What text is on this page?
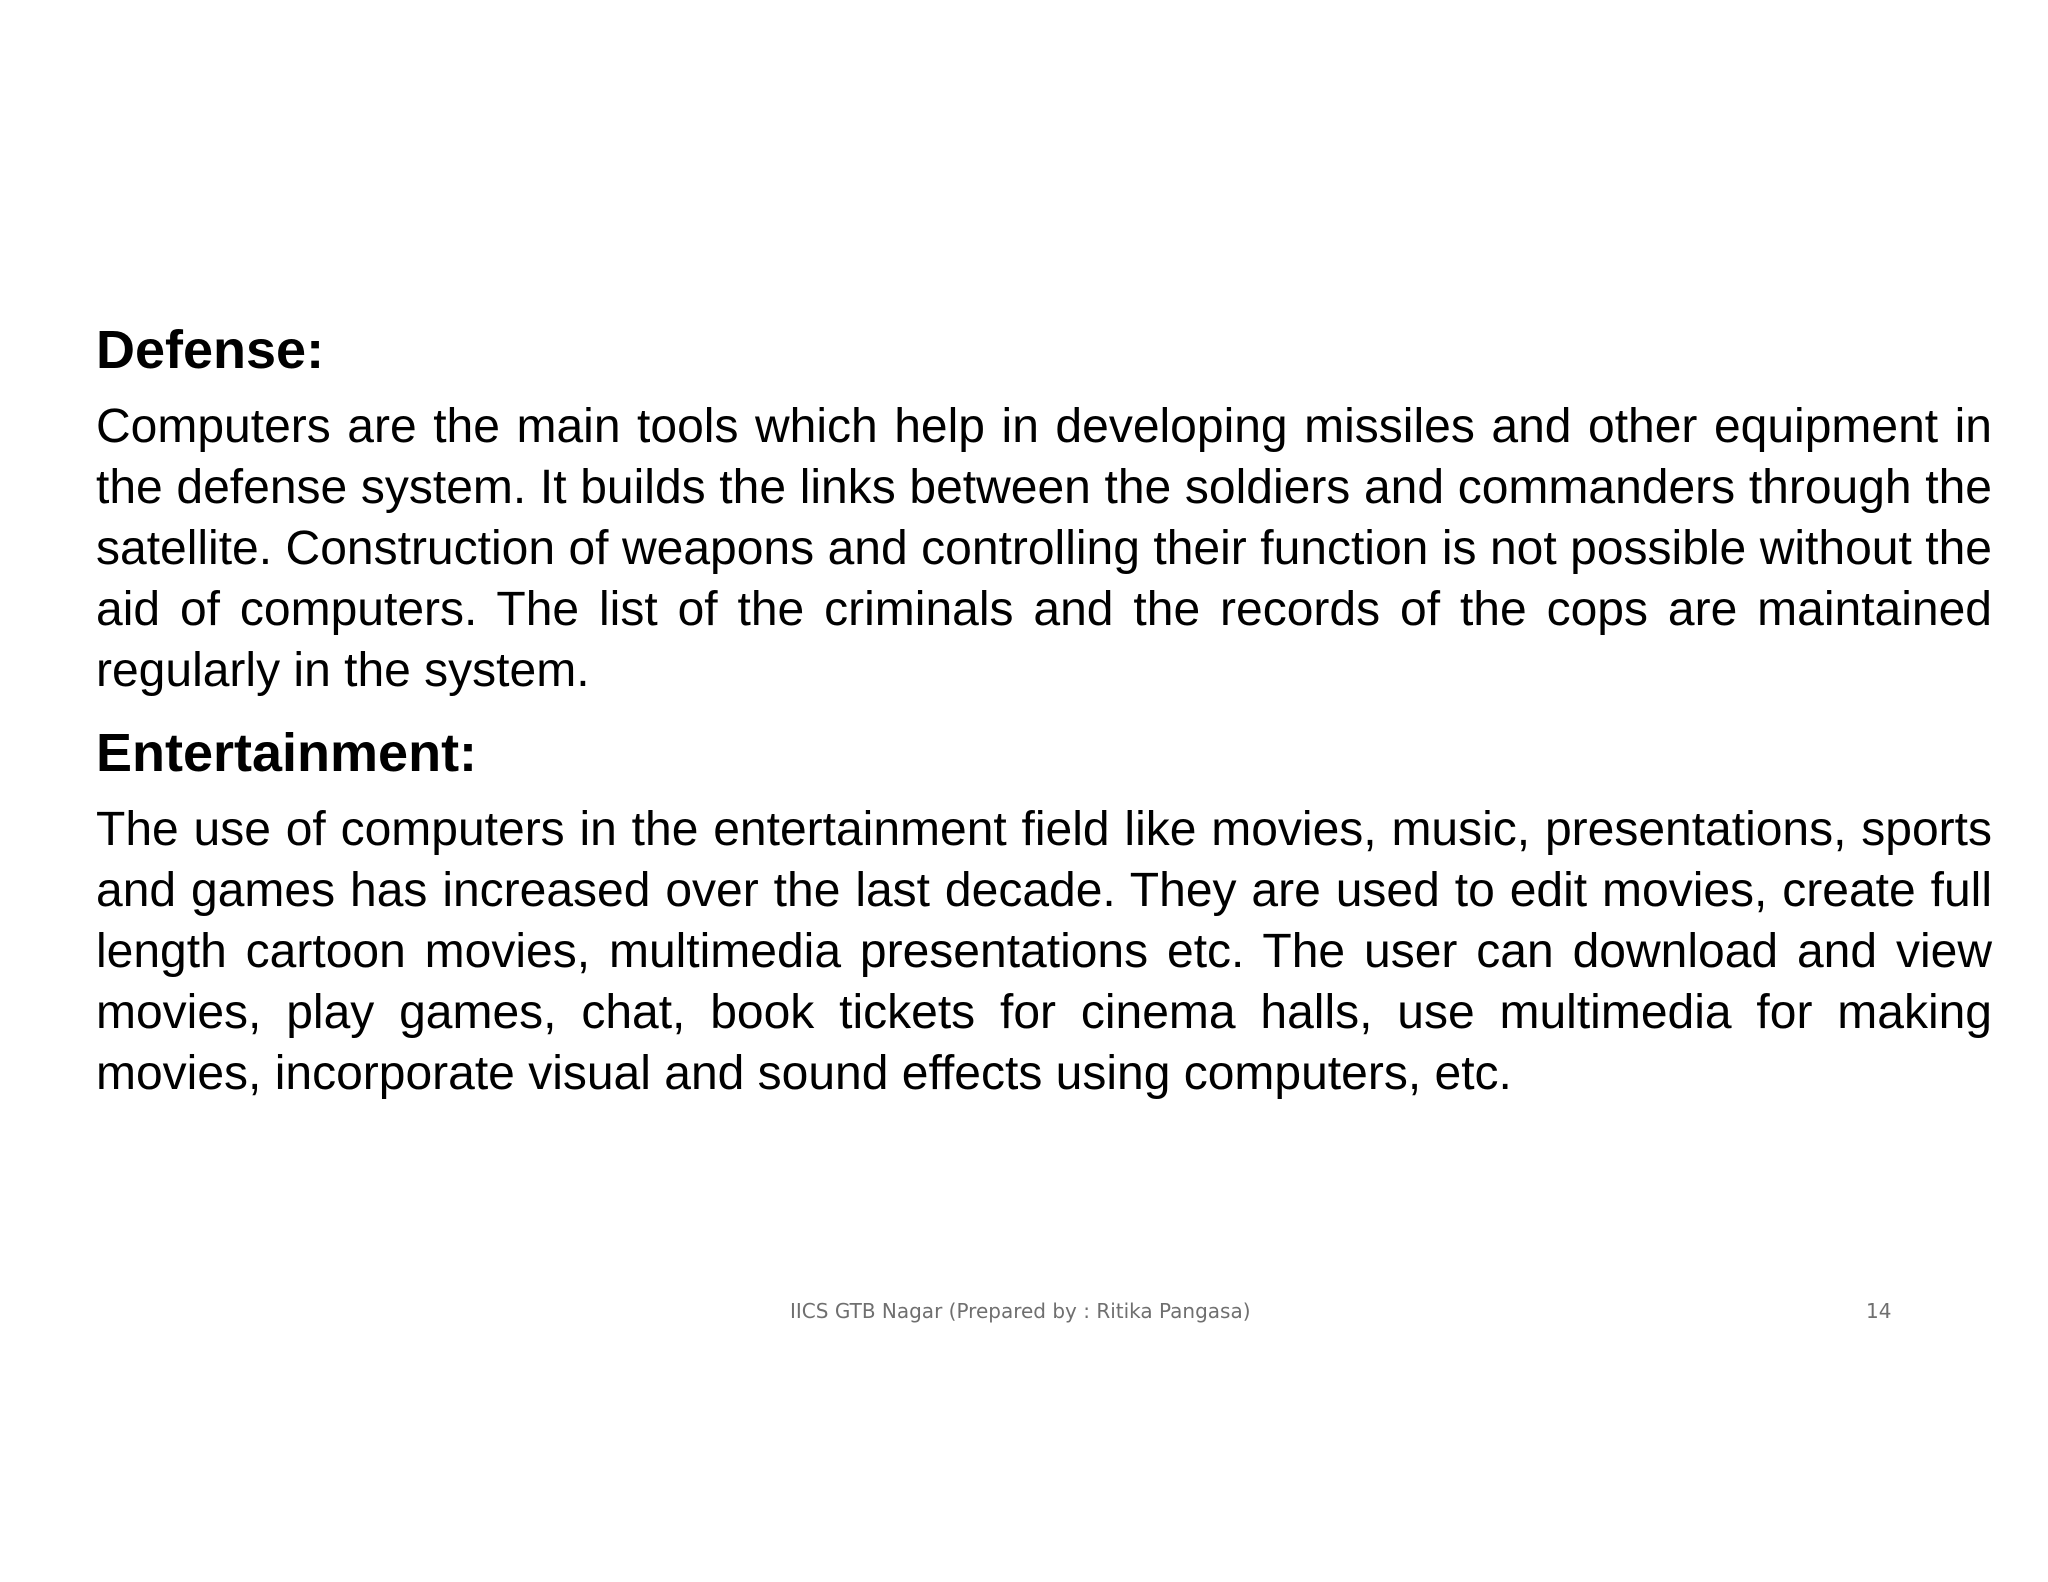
Defense:

Computers are the main tools which help in developing missiles and other equipment in the defense system. It builds the links between the soldiers and commanders through the satellite. Construction of weapons and controlling their function is not possible without the aid of computers. The list of the criminals and the records of the cops are maintained regularly in the system.

Entertainment:

The use of computers in the entertainment field like movies, music, presentations, sports and games has increased over the last decade. They are used to edit movies, create full length cartoon movies, multimedia presentations etc. The user can download and view movies, play games, chat, book tickets for cinema halls, use multimedia for making movies, incorporate visual and sound effects using computers, etc.

IICS GTB Nagar (Prepared by : Ritika Pangasa)	14
